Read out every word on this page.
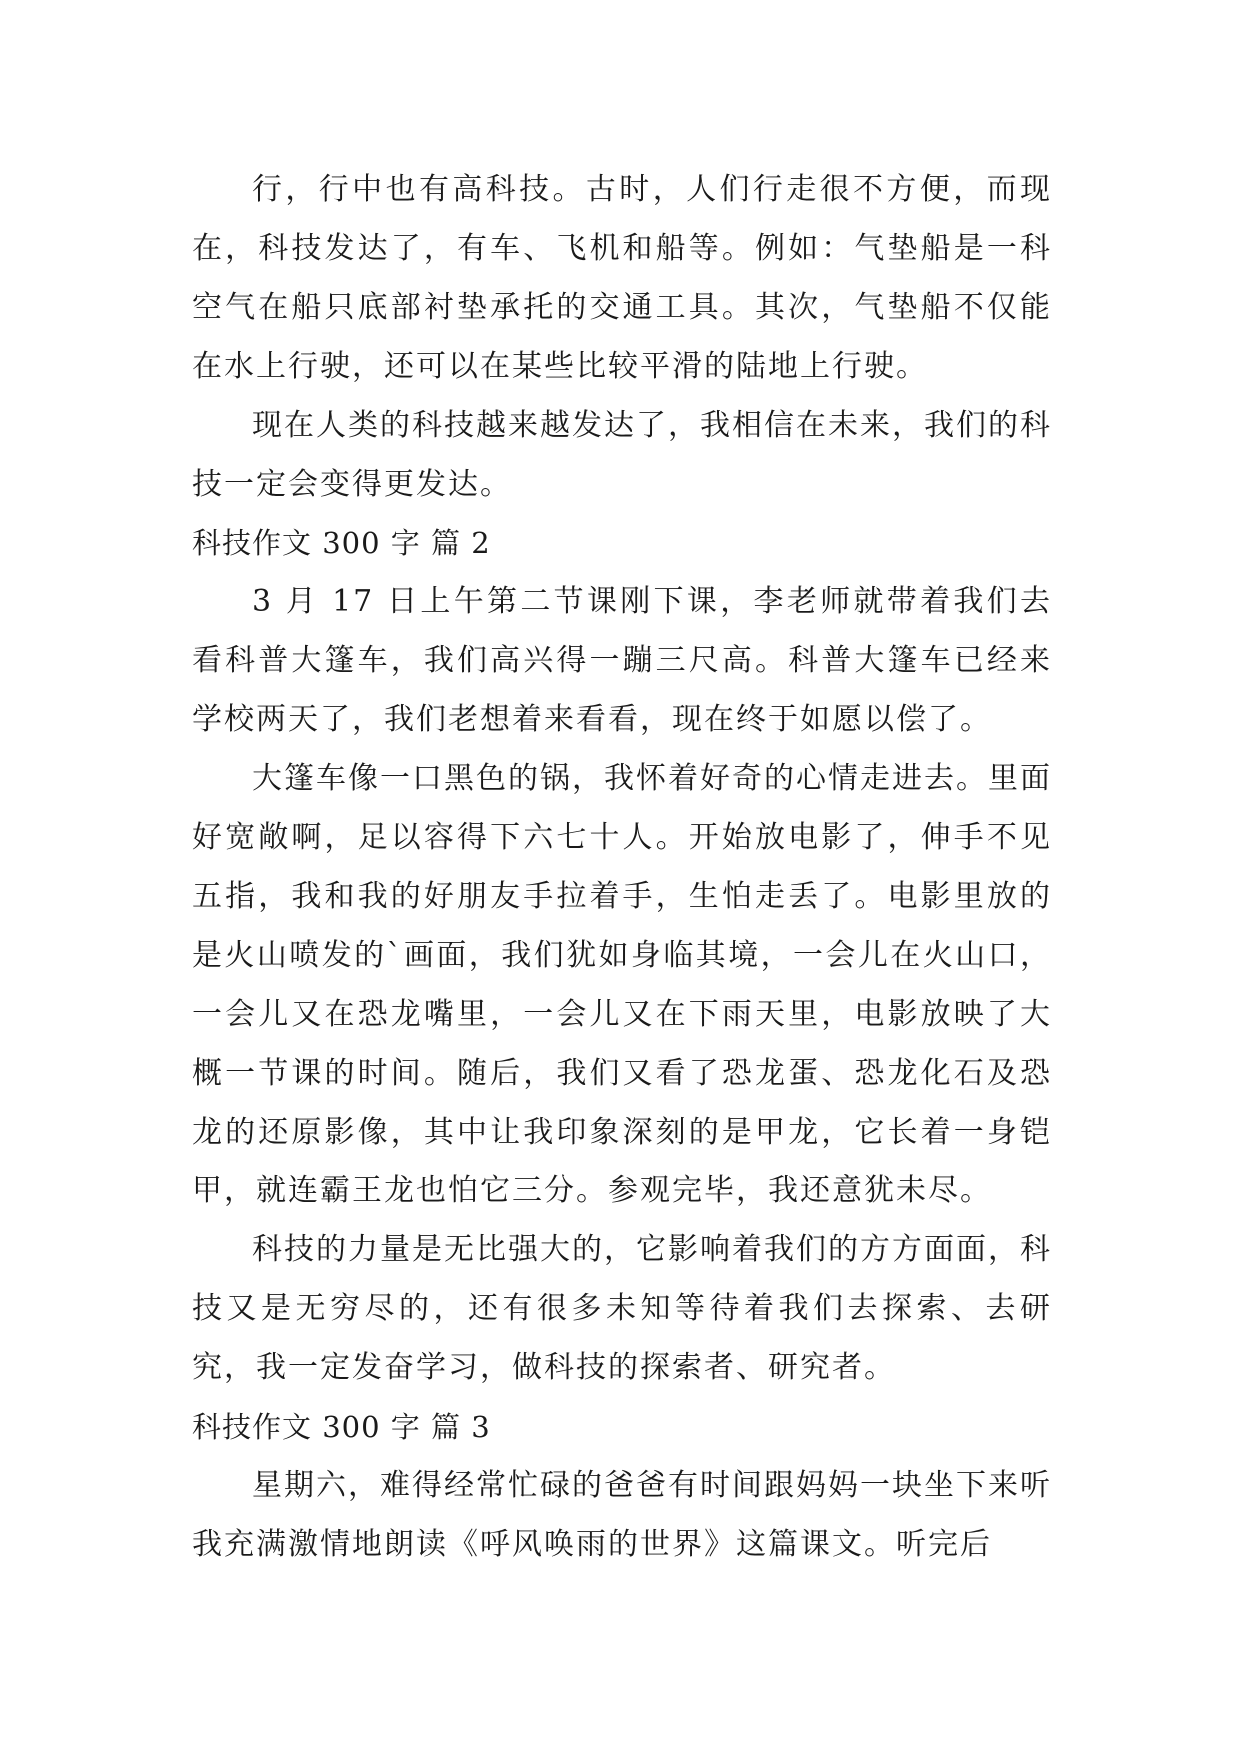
行，行中也有高科技。古时，人们行走很不方便，而现在，科技发达了，有车、飞机和船等。例如：气垫船是一科空气在船只底部衬垫承托的交通工具。其次，气垫船不仅能在水上行驶，还可以在某些比较平滑的陆地上行驶。

现在人类的科技越来越发达了，我相信在未来，我们的科技一定会变得更发达。

科技作文 300 字 篇 2

3 月 17 日上午第二节课刚下课，李老师就带着我们去看科普大篷车，我们高兴得一蹦三尺高。科普大篷车已经来学校两天了，我们老想着来看看，现在终于如愿以偿了。

大篷车像一口黑色的锅，我怀着好奇的心情走进去。里面好宽敞啊，足以容得下六七十人。开始放电影了，伸手不见五指，我和我的好朋友手拉着手，生怕走丢了。电影里放的是火山喷发的`画面，我们犹如身临其境，一会儿在火山口，一会儿又在恐龙嘴里，一会儿又在下雨天里，电影放映了大概一节课的时间。随后，我们又看了恐龙蛋、恐龙化石及恐龙的还原影像，其中让我印象深刻的是甲龙，它长着一身铠甲，就连霸王龙也怕它三分。参观完毕，我还意犹未尽。

科技的力量是无比强大的，它影响着我们的方方面面，科技又是无穷尽的，还有很多未知等待着我们去探索、去研究，我一定发奋学习，做科技的探索者、研究者。

科技作文 300 字 篇 3

星期六，难得经常忙碌的爸爸有时间跟妈妈一块坐下来听我充满激情地朗读《呼风唤雨的世界》这篇课文。听完后
